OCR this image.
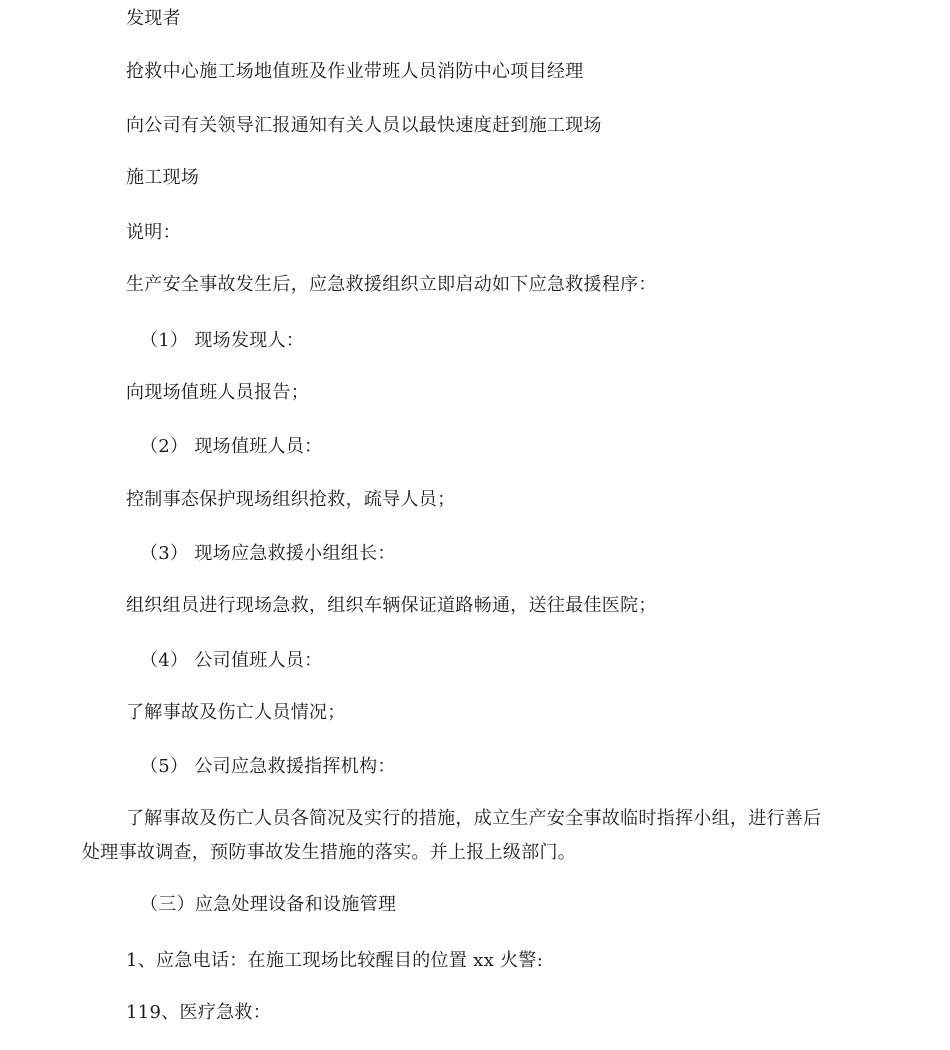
发现者
抢救中心施工场地值班及作业带班人员消防中心项目经理
向公司有关领导汇报通知有关人员以最快速度赶到施工现场
施工现场
说明：
生产安全事故发生后，应急救援组织立即启动如下应急救援程序：
（1） 现场发现人：
向现场值班人员报告；
（2） 现场值班人员：
控制事态保护现场组织抢救，疏导人员；
（3） 现场应急救援小组组长：
组织组员进行现场急救，组织车辆保证道路畅通，送往最佳医院；
（4） 公司值班人员：
了解事故及伤亡人员情况；
（5） 公司应急救援指挥机构：
了解事故及伤亡人员各简况及实行的措施，成立生产安全事故临时指挥小组，进行善后
处理事故调查，预防事故发生措施的落实。并上报上级部门。
（三）应急处理设备和设施管理
1、应急电话：在施工现场比较醒目的位置 xx 火警:
119、医疗急救：
